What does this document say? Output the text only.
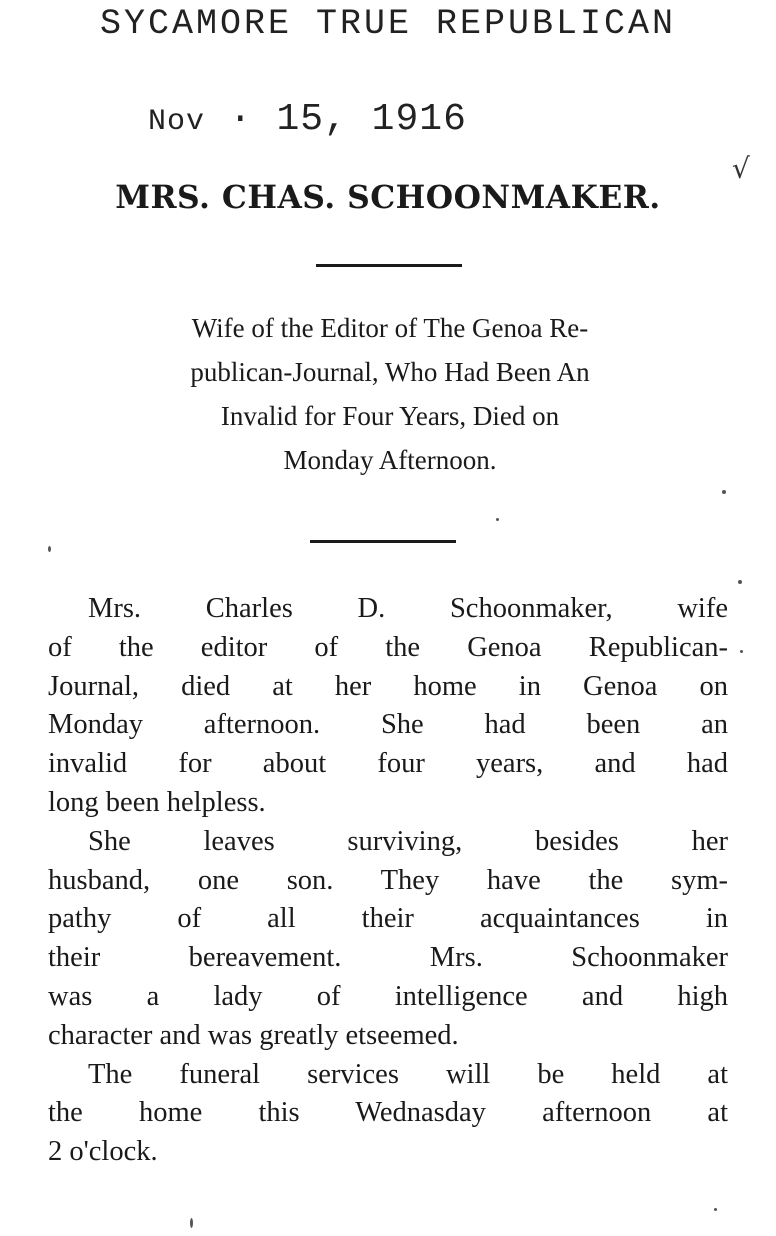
SYCAMORE TRUE REPUBLICAN
Nov · 15, 1916
√
MRS. CHAS. SCHOONMAKER.
Wife of the Editor of The Genoa Re-
publican-Journal, Who Had Been An
Invalid for Four Years, Died on
Monday Afternoon.
Mrs. Charles D. Schoonmaker, wife
of the editor of the Genoa Republican-
Journal, died at her home in Genoa on
Monday afternoon. She had been an
invalid for about four years, and had
long been helpless.
She leaves surviving, besides her
husband, one son. They have the sym-
pathy of all their acquaintances in
their bereavement. Mrs. Schoonmaker
was a lady of intelligence and high
character and was greatly etseemed.
The funeral services will be held at
the home this Wednasday afternoon at
2 o'clock.
